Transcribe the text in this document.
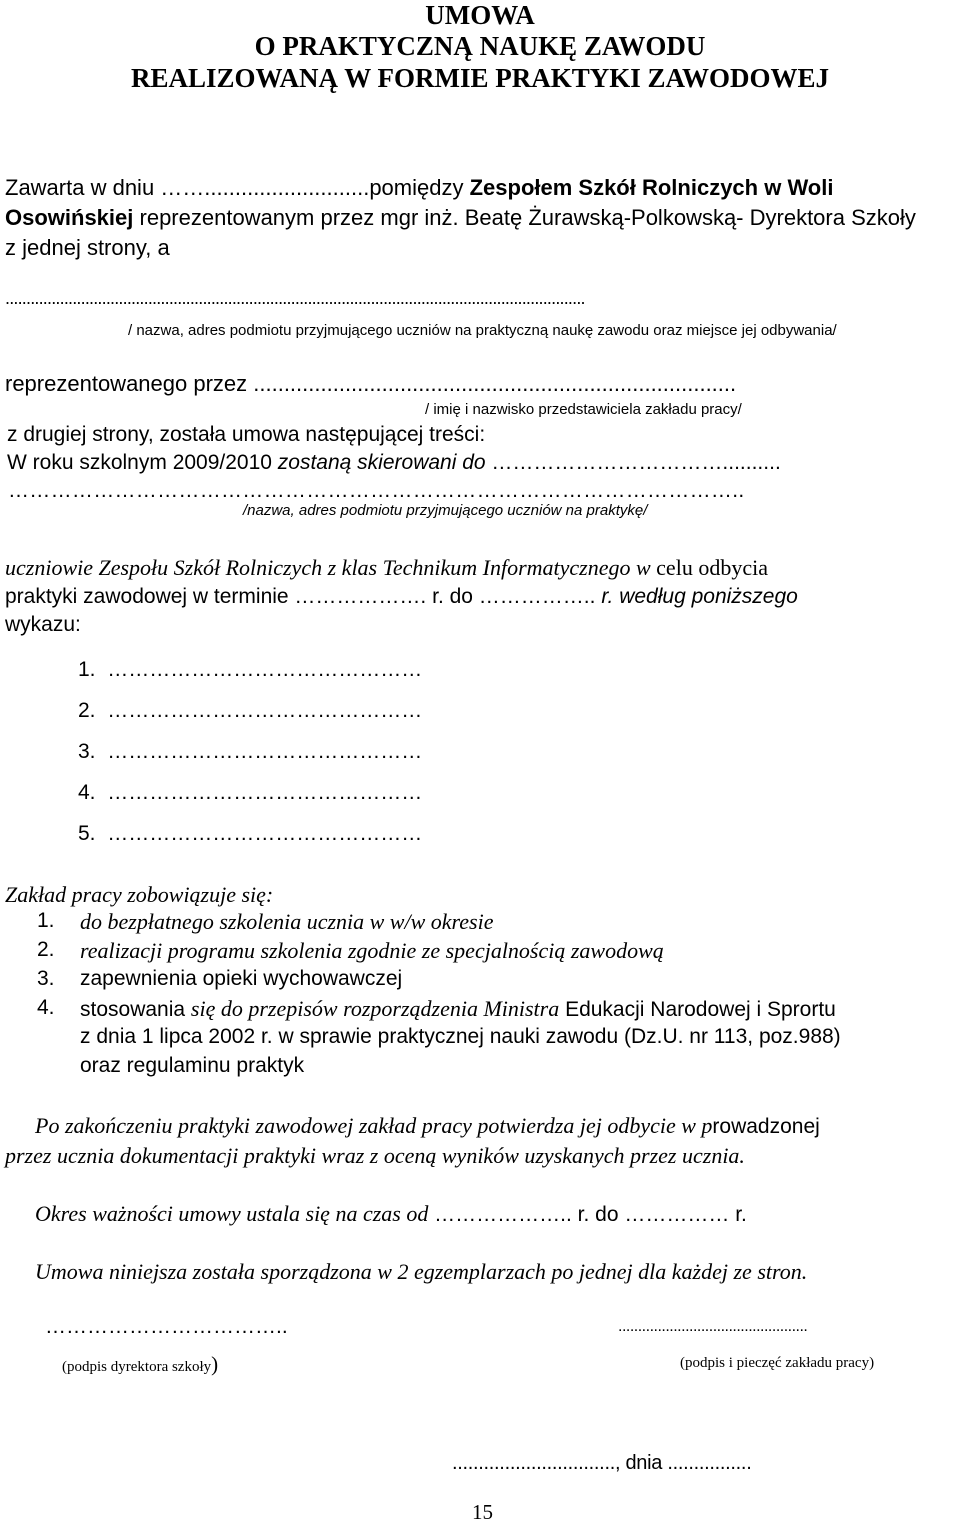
UMOWA
O PRAKTYCZNĄ NAUKĘ ZAWODU
REALIZOWANĄ W FORMIE PRAKTYKI ZAWODOWEJ
Zawarta w dniu ……...........................pomiędzy Zespołem Szkół Rolniczych w Woli
Osowińskiej reprezentowanym przez mgr inż. Beatę Żurawską-Polkowską- Dyrektora Szkoły
z jednej strony, a
..........................................................................................................................................
/ nazwa, adres podmiotu przyjmującego uczniów na praktyczną naukę zawodu oraz miejsce jej odbywania/
reprezentowanego przez ...............................................................................
/ imię i nazwisko przedstawiciela zakładu pracy/
z drugiej strony, została umowa następującej treści:
W roku szkolnym 2009/2010 zostaną skierowani do ……………………………..........
…………………………………………………………………………………………..
/nazwa, adres podmiotu przyjmującego uczniów na praktykę/
uczniowie Zespołu Szkół Rolniczych z klas Technikum Informatycznego w celu odbycia
praktyki zawodowej w terminie ………………. r. do …………….. r. według poniższego
wykazu:
1. ………………………………………
2. ………………………………………
3. ………………………………………
4. ………………………………………
5. ………………………………………
Zakład pracy zobowiązuje się:
1. do bezpłatnego szkolenia ucznia w w/w okresie
2. realizacji programu szkolenia zgodnie ze specjalnością zawodową
3. zapewnienia opieki wychowawczej
4. stosowania się do przepisów rozporządzenia Ministra Edukacji Narodowej i Sprortu
z dnia 1 lipca 2002 r. w sprawie praktycznej nauki zawodu (Dz.U. nr 113, poz.988)
oraz regulaminu praktyk
Po zakończeniu praktyki zawodowej zakład pracy potwierdza jej odbycie w prowadzonej
przez ucznia dokumentacji praktyki wraz z oceną wyników uzyskanych przez ucznia.
Okres ważności umowy ustala się na czas od ……………….. r. do …………… r.
Umowa niniejsza została sporządzona w 2 egzemplarzach po jednej dla każdej ze stron.
……………………………..	................................................
(podpis dyrektora szkoły)	(podpis i pieczęć zakładu pracy)
..............................., dnia ................
15
